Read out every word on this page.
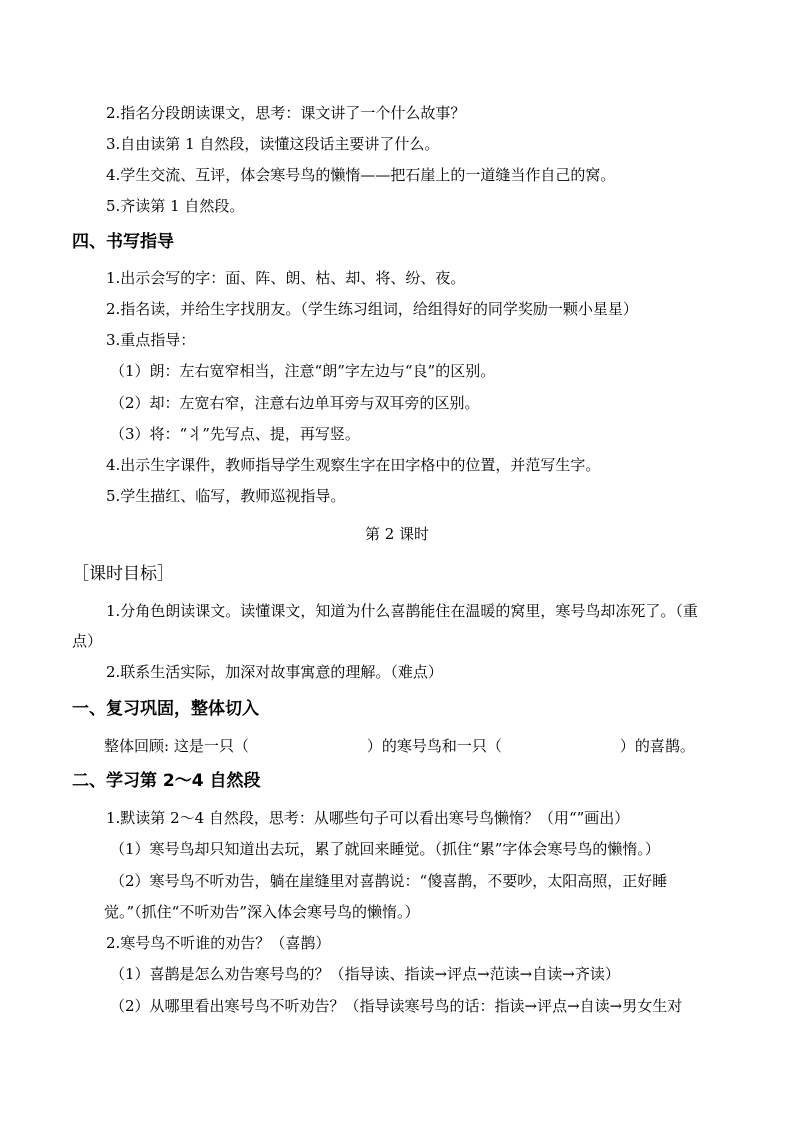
2.指名分段朗读课文，思考：课文讲了一个什么故事？
3.自由读第 1 自然段，读懂这段话主要讲了什么。
4.学生交流、互评，体会寒号鸟的懒惰——把石崖上的一道缝当作自己的窝。
5.齐读第 1 自然段。
四、书写指导
1.出示会写的字：面、阵、朗、枯、却、将、纷、夜。
2.指名读，并给生字找朋友。（学生练习组词，给组得好的同学奖励一颗小星星）
3.重点指导：
（1）朗：左右宽窄相当，注意“朗”字左边与“良”的区别。
（2）却：左宽右窄，注意右边单耳旁与双耳旁的区别。
（3）将：“丬”先写点、提，再写竖。
4.出示生字课件，教师指导学生观察生字在田字格中的位置，并范写生字。
5.学生描红、临写，教师巡视指导。
第 2 课时
［课时目标］
1.分角色朗读课文。读懂课文，知道为什么喜鹊能住在温暖的窝里，寒号鸟却冻死了。（重
点）
2.联系生活实际，加深对故事寓意的理解。（难点）
一、复习巩固，整体切入
整体回顾: 这是一只（	）的寒号鸟和一只（	）的喜鹊。
二、学习第 2～4 自然段
1.默读第 2～4 自然段，思考：从哪些句子可以看出寒号鸟懒惰？（用“”画出）
（1）寒号鸟却只知道出去玩，累了就回来睡觉。（抓住“累”字体会寒号鸟的懒惰。）
（2）寒号鸟不听劝告，躺在崖缝里对喜鹊说：“傻喜鹊，不要吵，太阳高照，正好睡
觉。”（抓住“不听劝告”深入体会寒号鸟的懒惰。）
2.寒号鸟不听谁的劝告？（喜鹊）
（1）喜鹊是怎么劝告寒号鸟的？（指导读、指读→评点→范读→自读→齐读）
（2）从哪里看出寒号鸟不听劝告？（指导读寒号鸟的话：指读→评点→自读→男女生对
